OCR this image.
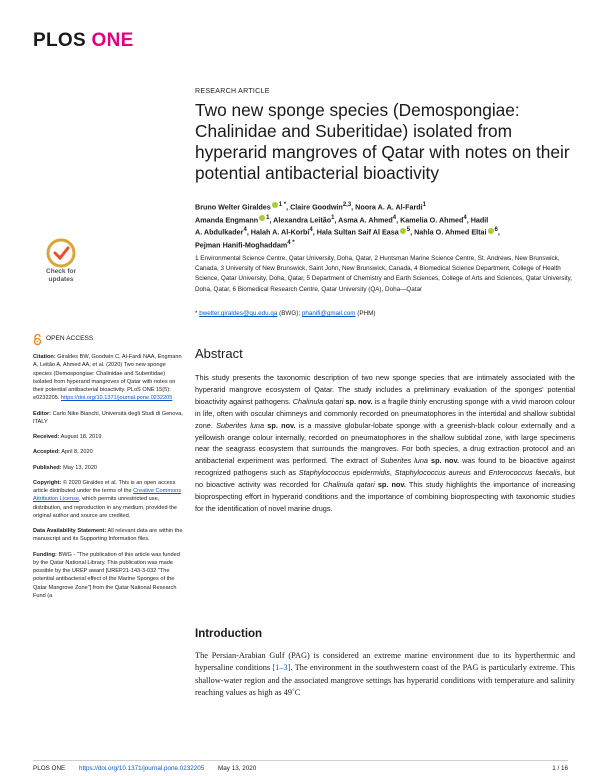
PLOS ONE
RESEARCH ARTICLE
Two new sponge species (Demospongiae: Chalinidae and Suberitidae) isolated from hyperarid mangroves of Qatar with notes on their potential antibacterial bioactivity
Bruno Welter Giraldes $^{1 *}$, Claire Goodwin$^{2,3}$, Noora A. A. Al-Fardi$^1$
Amanda Engmann $^1$, Alexandra Leitão$^1$, Asma A. Ahmed$^4$, Kamelia O. Ahmed$^4$, Hadil
A. Abdulkader$^4$, Halah A. Al-Korbi$^4$, Hala Sultan Saif Al Easa $^5$, Nahla O. Ahmed Eltai $^6$,
Pejman Hanifi-Moghaddam$^{4 *}$
1 Environmental Science Centre, Qatar University, Doha, Qatar, 2 Huntsman Marine Science Centre, St. Andrews, New Brunswick, Canada, 3 University of New Brunswick, Saint John, New Brunswick, Canada, 4 Biomedical Science Department, College of Health Science, Qatar University, Doha, Qatar, 5 Department of Chemistry and Earth Sciences, College of Arts and Sciences, Qatar University, Doha, Qatar, 6 Biomedical Research Centre, Qatar University (QA), Doha—Qatar
* bwelter.giraldes@qu.edu.qa (BWG); phanifi@gmail.com (PHM)
Abstract
This study presents the taxonomic description of two new sponge species that are intimately associated with the hyperarid mangrove ecosystem of Qatar. The study includes a preliminary evaluation of the sponges' potential bioactivity against pathogens. Chalinula qatari sp. nov. is a fragile thinly encrusting sponge with a vivid maroon colour in life, often with oscular chimneys and commonly recorded on pneumatophores in the intertidal and shallow subtidal zone. Suberites luna sp. nov. is a massive globular-lobate sponge with a greenish-black colour externally and a yellowish orange colour internally, recorded on pneumatophores in the shallow subtidal zone, with large specimens near the seagrass ecosystem that surrounds the mangroves. For both species, a drug extraction protocol and an antibacterial experiment was performed. The extract of Suberites luna sp. nov. was found to be bioactive against recognized pathogens such as Staphylococcus epidermidis, Staphylococcus aureus and Enterococcus faecalis, but no bioactive activity was recorded for Chalinula qatari sp. nov. This study highlights the importance of increasing bioprospecting effort in hyperarid conditions and the importance of combining bioprospecting with taxonomic studies for the identification of novel marine drugs.
Introduction
The Persian-Arabian Gulf (PAG) is considered an extreme marine environment due to its hyperthermic and hypersaline conditions [1–3]. The environment in the southwestern coast of the PAG is particularly extreme. This shallow-water region and the associated mangrove settings has hyperarid conditions with temperature and salinity reaching values as high as 49˚C
Check for
updates
OPEN ACCESS

Citation: Giraldes BW, Goodwin C, Al-Fardi NAA, Engmann A, Leitão A, Ahmed AA, et al. (2020) Two new sponge species (Demospongiae: Chalinidae and Suberitidae) isolated from hyperarid mangroves of Qatar with notes on their potential antibacterial bioactivity. PLoS ONE 15(5): e0232205. https://doi.org/10.1371/journal.pone.0232205

Editor: Carlo Nike Bianchi, Università degli Studi di Genova, ITALY

Received: August 18, 2019

Accepted: April 8, 2020

Published: May 13, 2020

Copyright: © 2020 Giraldes et al. This is an open access article distributed under the terms of the Creative Commons Attribution License, which permits unrestricted use, distribution, and reproduction in any medium, provided the original author and source are credited.

Data Availability Statement: All relevant data are within the manuscript and its Supporting Information files.

Funding: BWG - "The publication of this article was funded by the Qatar National Library. This publication was made possible by the UREP award [UREP21-143-3-032 "The potential antibacterial effect of the Marine Sponges of the Qatar Mangrove Zone"] from the Qatar National Research Fund (a

PLOS ONE https://doi.org/10.1371/journal.pone.0232205 May 13, 2020	1 / 16
